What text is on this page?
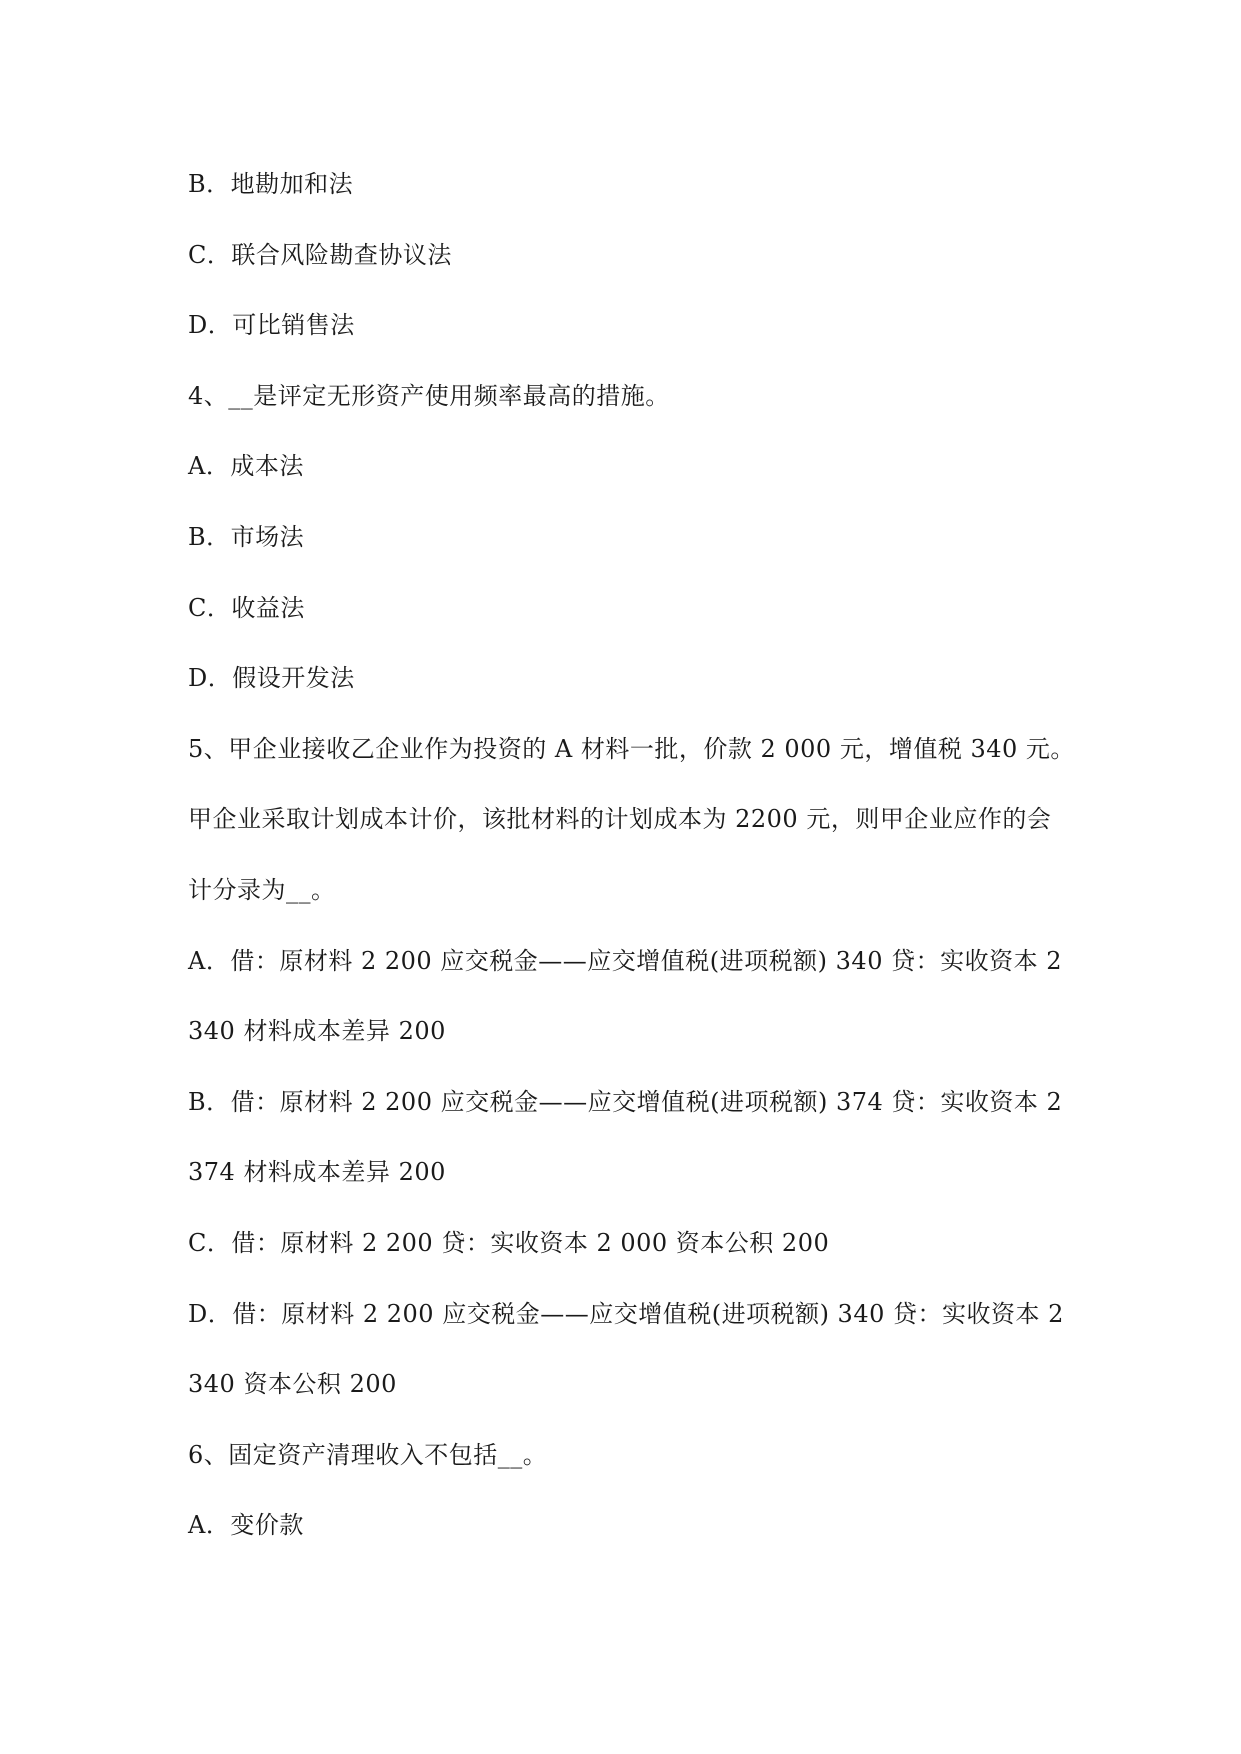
B．地勘加和法
C．联合风险勘查协议法
D．可比销售法
4、__是评定无形资产使用频率最高的措施。
A．成本法
B．市场法
C．收益法
D．假设开发法
5、甲企业接收乙企业作为投资的 A 材料一批，价款 2 000 元，增值税 340 元。
甲企业采取计划成本计价，该批材料的计划成本为 2200 元，则甲企业应作的会
计分录为__。
A．借：原材料 2 200 应交税金——应交增值税(进项税额) 340 贷：实收资本 2
340 材料成本差异 200
B．借：原材料 2 200 应交税金——应交增值税(进项税额) 374 贷：实收资本 2
374 材料成本差异 200
C．借：原材料 2 200 贷：实收资本 2 000 资本公积 200
D．借：原材料 2 200 应交税金——应交增值税(进项税额) 340 贷：实收资本 2
340 资本公积 200
6、固定资产清理收入不包括__。
A．变价款
